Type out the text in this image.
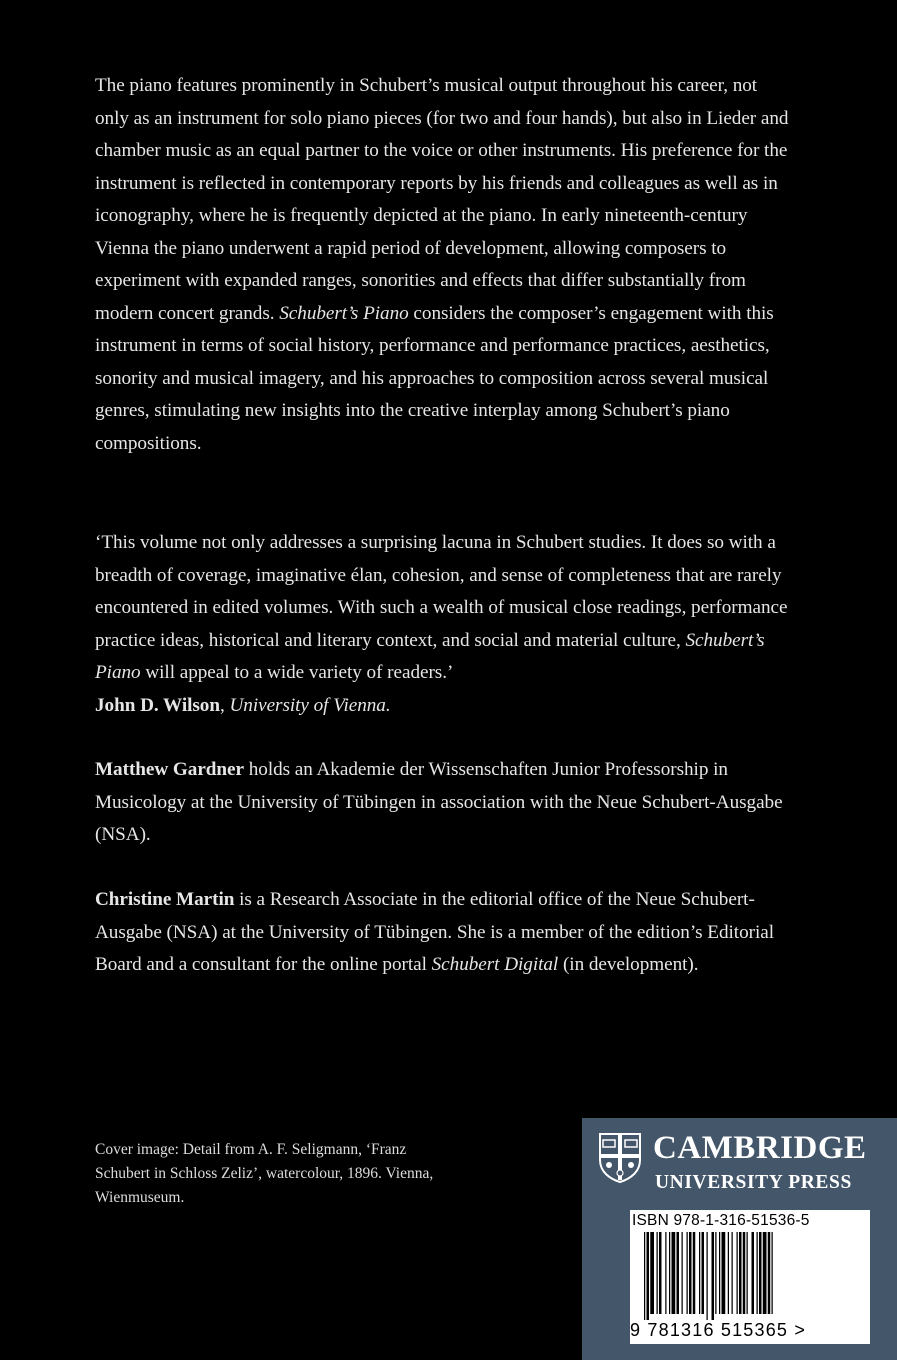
The piano features prominently in Schubert’s musical output throughout his career, not only as an instrument for solo piano pieces (for two and four hands), but also in Lieder and chamber music as an equal partner to the voice or other instruments. His preference for the instrument is reflected in contemporary reports by his friends and colleagues as well as in iconography, where he is frequently depicted at the piano. In early nineteenth-century Vienna the piano underwent a rapid period of development, allowing composers to experiment with expanded ranges, sonorities and effects that differ substantially from modern concert grands. Schubert’s Piano considers the composer’s engagement with this instrument in terms of social history, performance and performance practices, aesthetics, sonority and musical imagery, and his approaches to composition across several musical genres, stimulating new insights into the creative interplay among Schubert’s piano compositions.

‘This volume not only addresses a surprising lacuna in Schubert studies. It does so with a breadth of coverage, imaginative élan, cohesion, and sense of completeness that are rarely encountered in edited volumes. With such a wealth of musical close readings, performance practice ideas, historical and literary context, and social and material culture, Schubert’s Piano will appeal to a wide variety of readers.’
John D. Wilson, University of Vienna.

Matthew Gardner holds an Akademie der Wissenschaften Junior Professorship in Musicology at the University of Tübingen in association with the Neue Schubert-Ausgabe (NSA).

Christine Martin is a Research Associate in the editorial office of the Neue Schubert-Ausgabe (NSA) at the University of Tübingen. She is a member of the edition’s Editorial Board and a consultant for the online portal Schubert Digital (in development).

Cover image: Detail from A. F. Seligmann, ‘Franz Schubert in Schloss Zeliz’, watercolour, 1896. Vienna, Wienmuseum.
CAMBRIDGE
UNIVERSITY PRESS
ISBN 978-1-316-51536-5
9 781316 515365 >
